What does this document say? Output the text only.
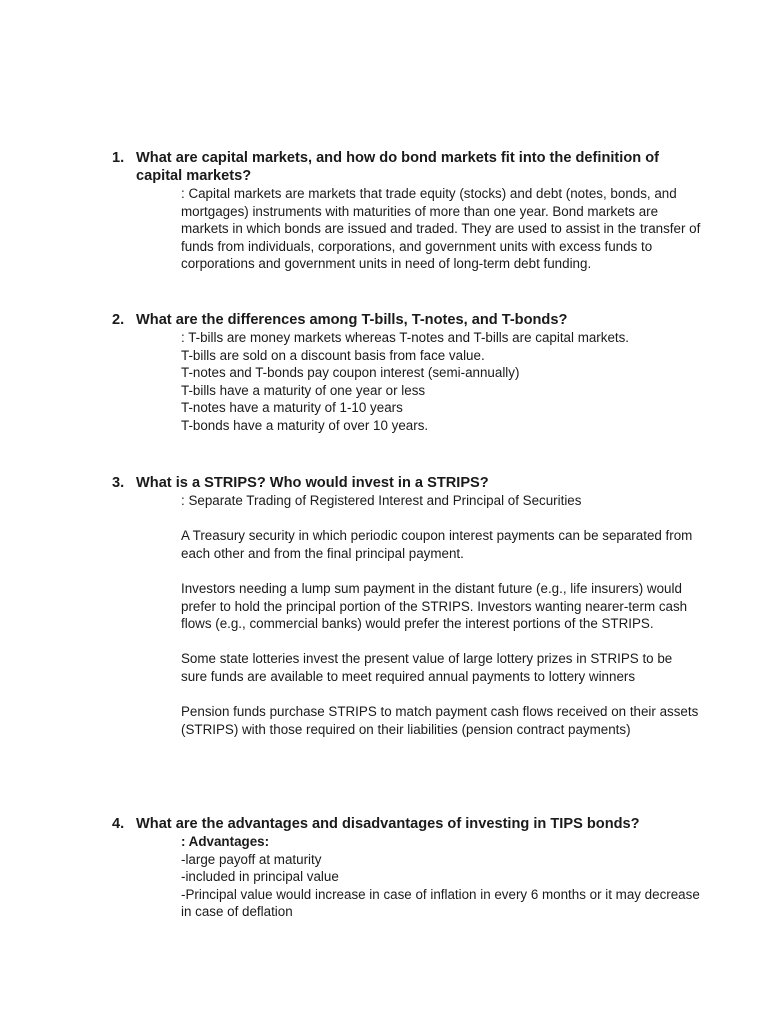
1. What are capital markets, and how do bond markets fit into the definition of capital markets?

: Capital markets are markets that trade equity (stocks) and debt (notes, bonds, and mortgages) instruments with maturities of more than one year. Bond markets are markets in which bonds are issued and traded. They are used to assist in the transfer of funds from individuals, corporations, and government units with excess funds to corporations and government units in need of long-term debt funding.

2. What are the differences among T-bills, T-notes, and T-bonds?

: T-bills are money markets whereas T-notes and T-bills are capital markets.

T-bills are sold on a discount basis from face value.

T-notes and T-bonds pay coupon interest (semi-annually)

T-bills have a maturity of one year or less

T-notes have a maturity of 1-10 years

T-bonds have a maturity of over 10 years.

3. What is a STRIPS? Who would invest in a STRIPS?

: Separate Trading of Registered Interest and Principal of Securities

A Treasury security in which periodic coupon interest payments can be separated from each other and from the final principal payment.

Investors needing a lump sum payment in the distant future (e.g., life insurers) would prefer to hold the principal portion of the STRIPS. Investors wanting nearer-term cash flows (e.g., commercial banks) would prefer the interest portions of the STRIPS.

Some state lotteries invest the present value of large lottery prizes in STRIPS to be sure funds are available to meet required annual payments to lottery winners

Pension funds purchase STRIPS to match payment cash flows received on their assets (STRIPS) with those required on their liabilities (pension contract payments)

4. What are the advantages and disadvantages of investing in TIPS bonds?

: Advantages:

-large payoff at maturity

-included in principal value

-Principal value would increase in case of inflation in every 6 months or it may decrease in case of deflation
